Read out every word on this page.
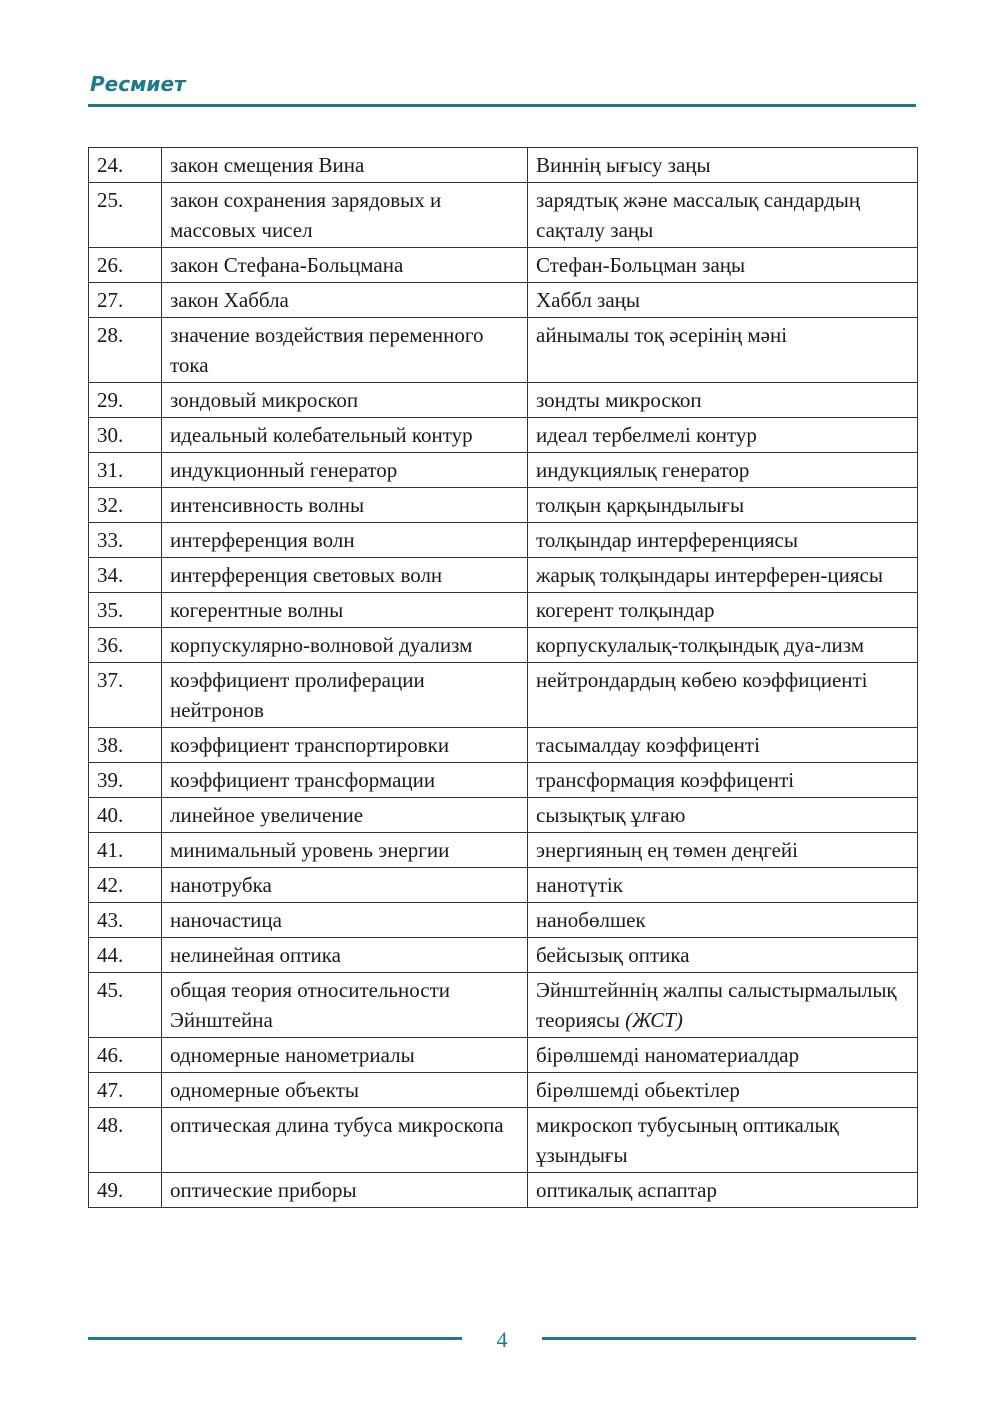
Ресмиет
24.	закон смещения Вина	Виннің ығысу заңы
25.	закон сохранения зарядовых и массовых чисел	зарядтық және массалық сандардың сақталу заңы
26.	закон Стефана-Больцмана	Стефан-Больцман заңы
27.	закон Хаббла	Хаббл заңы
28.	значение воздействия переменного тока	айнымалы тоқ әсерінің мәні
29.	зондовый микроскоп	зондты микроскоп
30.	идеальный колебательный контур	идеал тербелмелі контур
31.	индукционный генератор	индукциялық генератор
32.	интенсивность волны	толқын қарқындылығы
33.	интерференция волн	толқындар интерференциясы
34.	интерференция световых волн	жарық толқындары интерферен-циясы
35.	когерентные волны	когерент толқындар
36.	корпускулярно-волновой дуализм	корпускулалық-толқындық дуа-лизм
37.	коэффициент пролиферации нейтронов	нейтрондардың көбею коэффициенті
38.	коэффициент транспортировки	тасымалдау коэффиценті
39.	коэффициент трансформации	трансформация коэффиценті
40.	линейное увеличение	сызықтық ұлғаю
41.	минимальный уровень энергии	энергияның ең төмен деңгейі
42.	нанотрубка	нанотүтік
43.	наночастица	нанобөлшек
44.	нелинейная оптика	бейсызық оптика
45.	общая теория относительности Эйнштейна	Эйнштейннің жалпы салыстырмалылық теориясы (ЖСТ)
46.	одномерные нанометриалы	бірөлшемді наноматериалдар
47.	одномерные объекты	бірөлшемді обьектілер
48.	оптическая длина тубуса микроскопа	микроскоп тубусының оптикалық ұзындығы
49.	оптические приборы	оптикалық аспаптар
4
